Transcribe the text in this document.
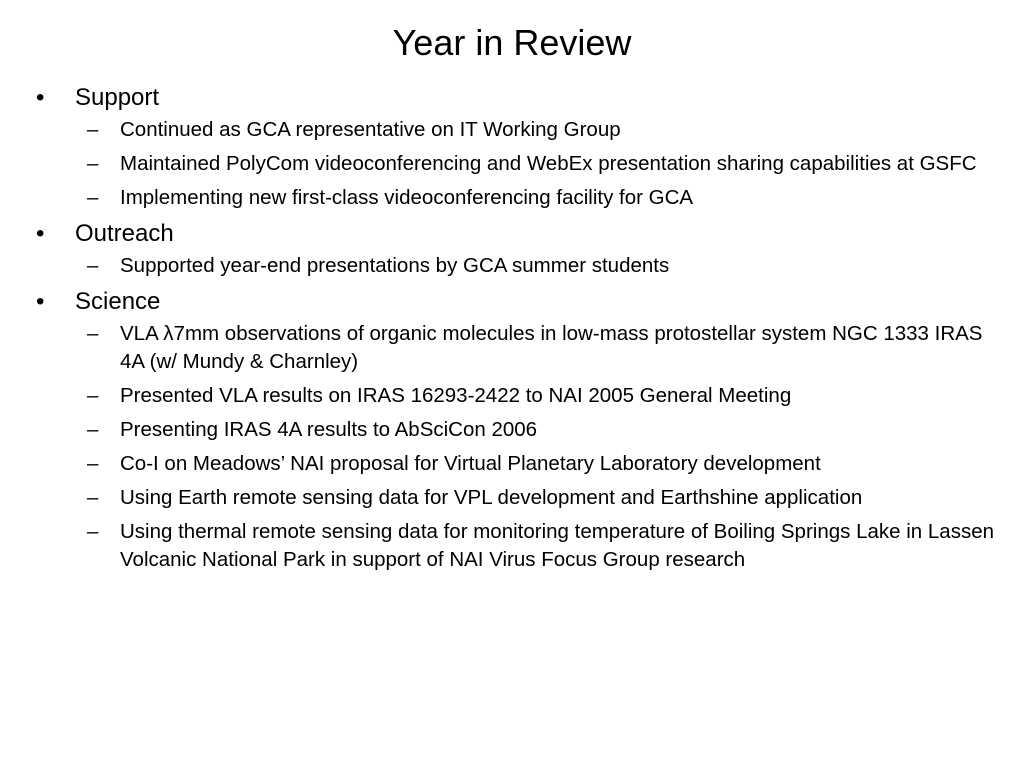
Year in Review
•	Support
–	Continued as GCA representative on IT Working Group
–	Maintained PolyCom videoconferencing and WebEx presentation sharing capabilities at GSFC
–	Implementing new first-class videoconferencing facility for GCA
•	Outreach
–	Supported year-end presentations by GCA summer students
•	Science
–	VLA λ7mm observations of organic molecules in low-mass protostellar system NGC 1333 IRAS 4A (w/ Mundy & Charnley)
–	Presented VLA results on IRAS 16293-2422 to NAI 2005 General Meeting
–	Presenting IRAS 4A results to AbSciCon 2006
–	Co-I on Meadows’ NAI proposal for Virtual Planetary Laboratory development
–	Using Earth remote sensing data for VPL development and Earthshine application
–	Using thermal remote sensing data for monitoring temperature of Boiling Springs Lake in Lassen Volcanic National Park in support of NAI Virus Focus Group research
